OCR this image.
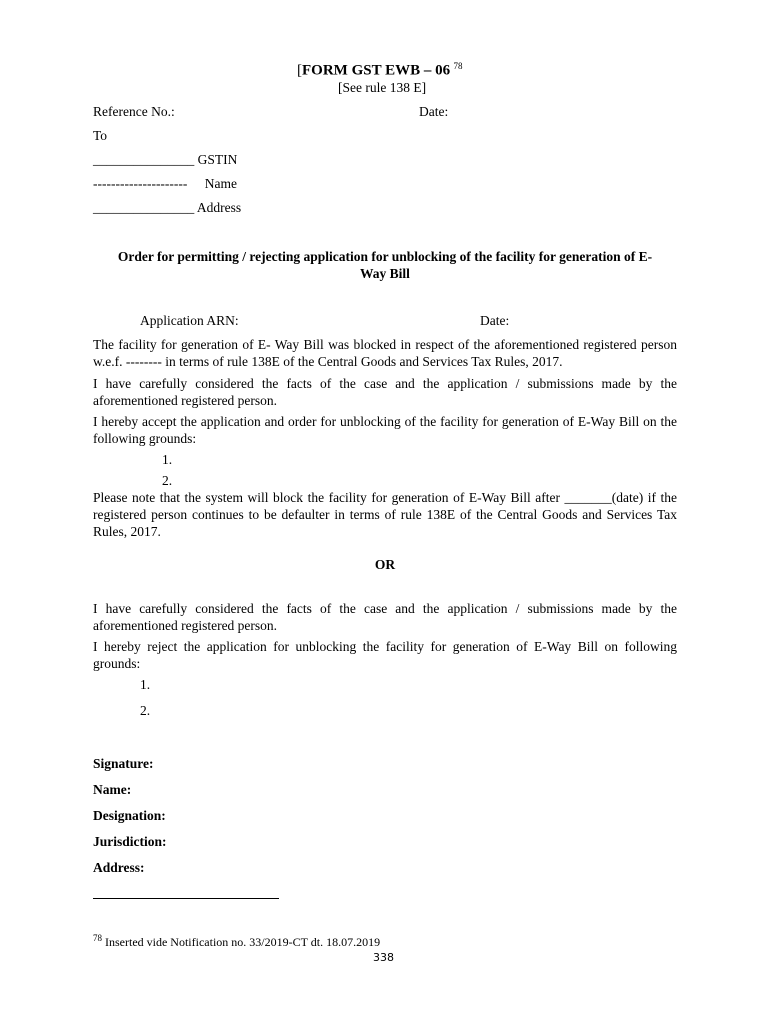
[FORM GST EWB – 06 $^{78}$
[See rule 138 E]
Reference No.:	Date:
To
_______________ GSTIN
--------------------- Name
_______________ Address
Order for permitting / rejecting application for unblocking of the facility for generation of E-
Way Bill
Application ARN:	Date:
The facility for generation of E- Way Bill was blocked in respect of the aforementioned registered person w.e.f. -------- in terms of rule 138E of the Central Goods and Services Tax Rules, 2017.
I have carefully considered the facts of the case and the application / submissions made by the aforementioned registered person.
I hereby accept the application and order for unblocking of the facility for generation of E-Way Bill on the following grounds:
1.
2.
Please note that the system will block the facility for generation of E-Way Bill after _______(date) if the registered person continues to be defaulter in terms of rule 138E of the Central Goods and Services Tax Rules, 2017.
OR
I have carefully considered the facts of the case and the application / submissions made by the aforementioned registered person.
I hereby reject the application for unblocking the facility for generation of E-Way Bill on following grounds:
1.
2.
Signature:
Name:
Designation:
Jurisdiction:
Address:
$^{78}$ Inserted vide Notification no. 33/2019-CT dt. 18.07.2019
338
